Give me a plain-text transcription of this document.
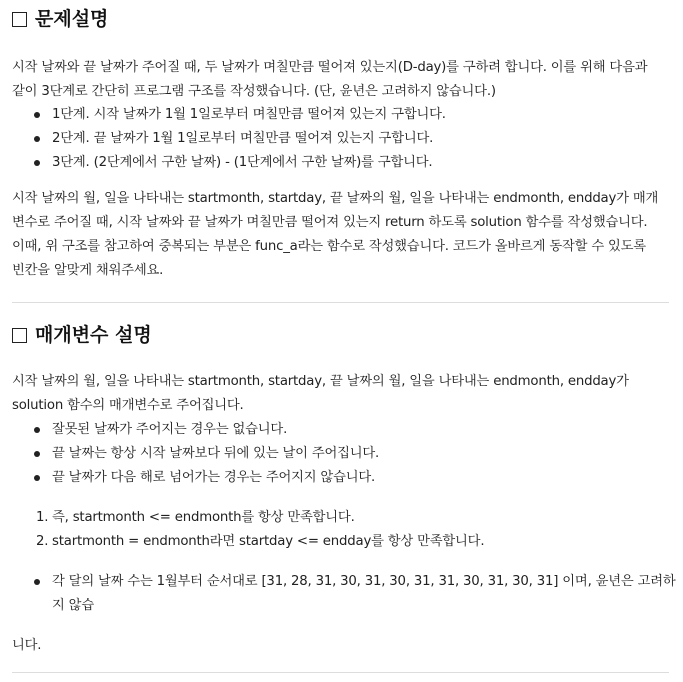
문제설명

시작 날짜와 끝 날짜가 주어질 때, 두 날짜가 며칠만큼 떨어져 있는지(D-day)를 구하려 합니다. 이를 위해 다음과
같이 3단계로 간단히 프로그램 구조를 작성했습니다. (단, 윤년은 고려하지 않습니다.)

1단계. 시작 날짜가 1월 1일로부터 며칠만큼 떨어져 있는지 구합니다.
2단계. 끝 날짜가 1월 1일로부터 며칠만큼 떨어져 있는지 구합니다.
3단계. (2단계에서 구한 날짜) - (1단계에서 구한 날짜)를 구합니다.

시작 날짜의 월, 일을 나타내는 startmonth, startday, 끝 날짜의 월, 일을 나타내는 endmonth, endday가 매개
변수로 주어질 때, 시작 날짜와 끝 날짜가 며칠만큼 떨어져 있는지 return 하도록 solution 함수를 작성했습니다.
이때, 위 구조를 참고하여 중복되는 부분은 func_a라는 함수로 작성했습니다. 코드가 올바르게 동작할 수 있도록
빈칸을 알맞게 채워주세요.

매개변수 설명

시작 날짜의 월, 일을 나타내는 startmonth, startday, 끝 날짜의 월, 일을 나타내는 endmonth, endday가
solution 함수의 매개변수로 주어집니다.

잘못된 날짜가 주어지는 경우는 없습니다.
끝 날짜는 항상 시작 날짜보다 뒤에 있는 날이 주어집니다.
끝 날짜가 다음 해로 넘어가는 경우는 주어지지 않습니다.
1. 즉, startmonth <= endmonth를 항상 만족합니다.
2. startmonth = endmonth라면 startday <= endday를 항상 만족합니다.
각 달의 날짜 수는 1월부터 순서대로 [31, 28, 31, 30, 31, 30, 31, 31, 30, 31, 30, 31] 이며, 윤년은 고려하
지 않습

니다.
